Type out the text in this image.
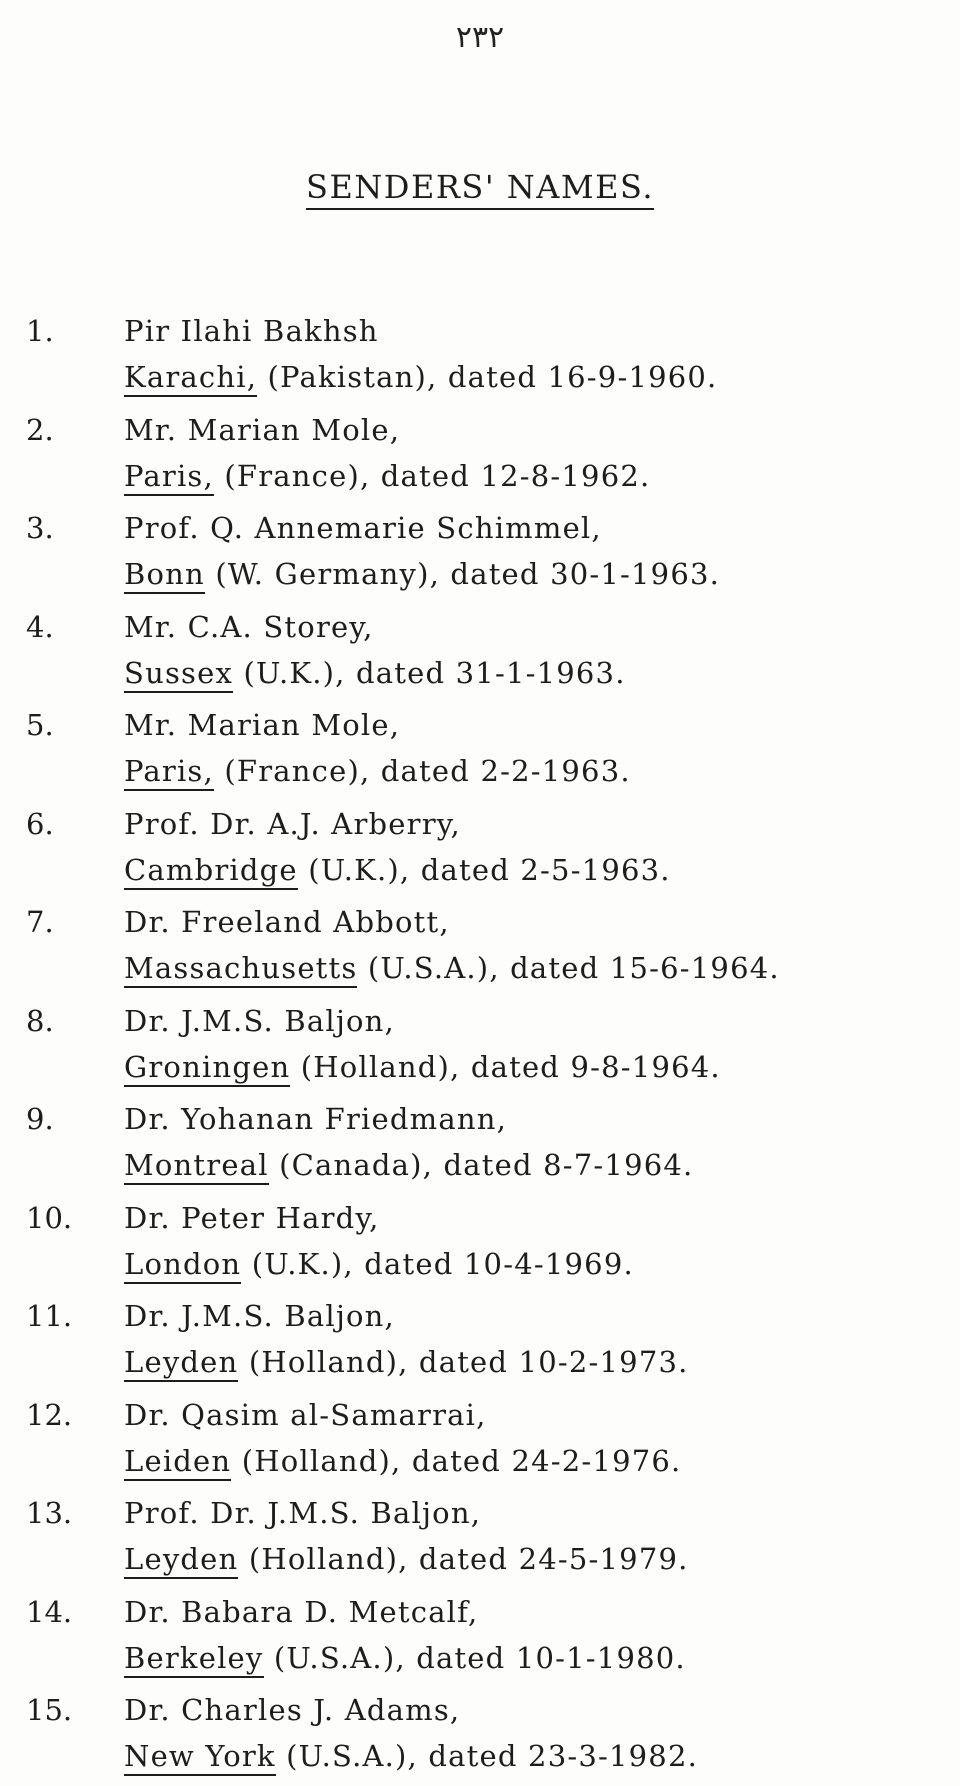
۲۳۲
SENDERS' NAMES.
1.	Pir Ilahi Bakhsh
Karachi, (Pakistan), dated 16-9-1960.
2.	Mr. Marian Mole,
Paris, (France), dated 12-8-1962.
3.	Prof. Q. Annemarie Schimmel,
Bonn (W. Germany), dated 30-1-1963.
4.	Mr. C.A. Storey,
Sussex (U.K.), dated 31-1-1963.
5.	Mr. Marian Mole,
Paris, (France), dated 2-2-1963.
6.	Prof. Dr. A.J. Arberry,
Cambridge (U.K.), dated 2-5-1963.
7.	Dr. Freeland Abbott,
Massachusetts (U.S.A.), dated 15-6-1964.
8.	Dr. J.M.S. Baljon,
Groningen (Holland), dated 9-8-1964.
9.	Dr. Yohanan Friedmann,
Montreal (Canada), dated 8-7-1964.
10.	Dr. Peter Hardy,
London (U.K.), dated 10-4-1969.
11.	Dr. J.M.S. Baljon,
Leyden (Holland), dated 10-2-1973.
12.	Dr. Qasim al-Samarrai,
Leiden (Holland), dated 24-2-1976.
13.	Prof. Dr. J.M.S. Baljon,
Leyden (Holland), dated 24-5-1979.
14.	Dr. Babara D. Metcalf,
Berkeley (U.S.A.), dated 10-1-1980.
15.	Dr. Charles J. Adams,
New York (U.S.A.), dated 23-3-1982.
